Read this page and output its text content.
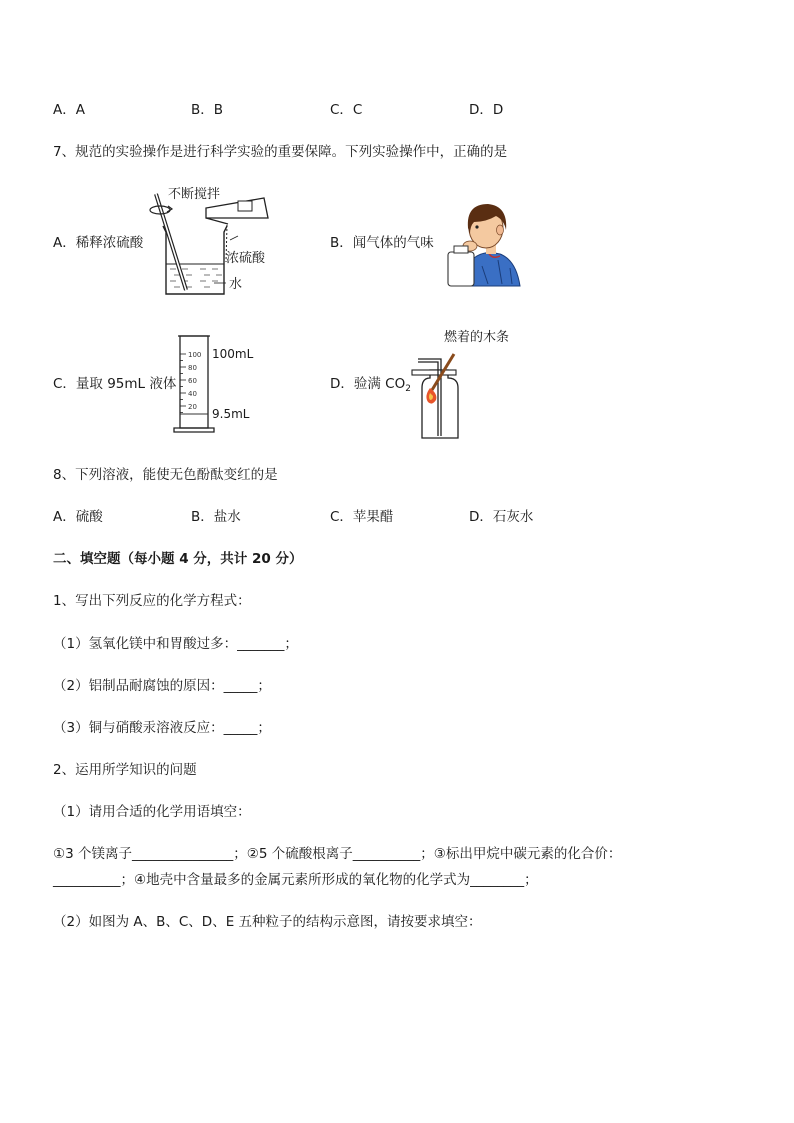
A．A	B．B	C．C	D．D
7、规范的实验操作是进行科学实验的重要保障。下列实验操作中，正确的是
A．稀释浓硫酸
不断搅拌
浓硫酸
水
B．闻气体的气味
C．量取 95mL 液体
100
80
60
40
20
100mL
9.5mL
D．验满 $CO_2$
燃着的木条
8、下列溶液，能使无色酚酞变红的是
A．硫酸	B．盐水	C．苹果醋	D．石灰水
二、填空题（每小题 4 分，共计 20 分）
1、写出下列反应的化学方程式：
（1）氢氧化镁中和胃酸过多：_______；
（2）铝制品耐腐蚀的原因：_____；
（3）铜与硝酸汞溶液反应：_____；
2、运用所学知识的问题
（1）请用合适的化学用语填空：
①3 个镁离子_______________；②5 个硫酸根离子__________；③标出甲烷中碳元素的化合价：
__________；④地壳中含量最多的金属元素所形成的氧化物的化学式为________；
（2）如图为 A、B、C、D、E 五种粒子的结构示意图，请按要求填空：
